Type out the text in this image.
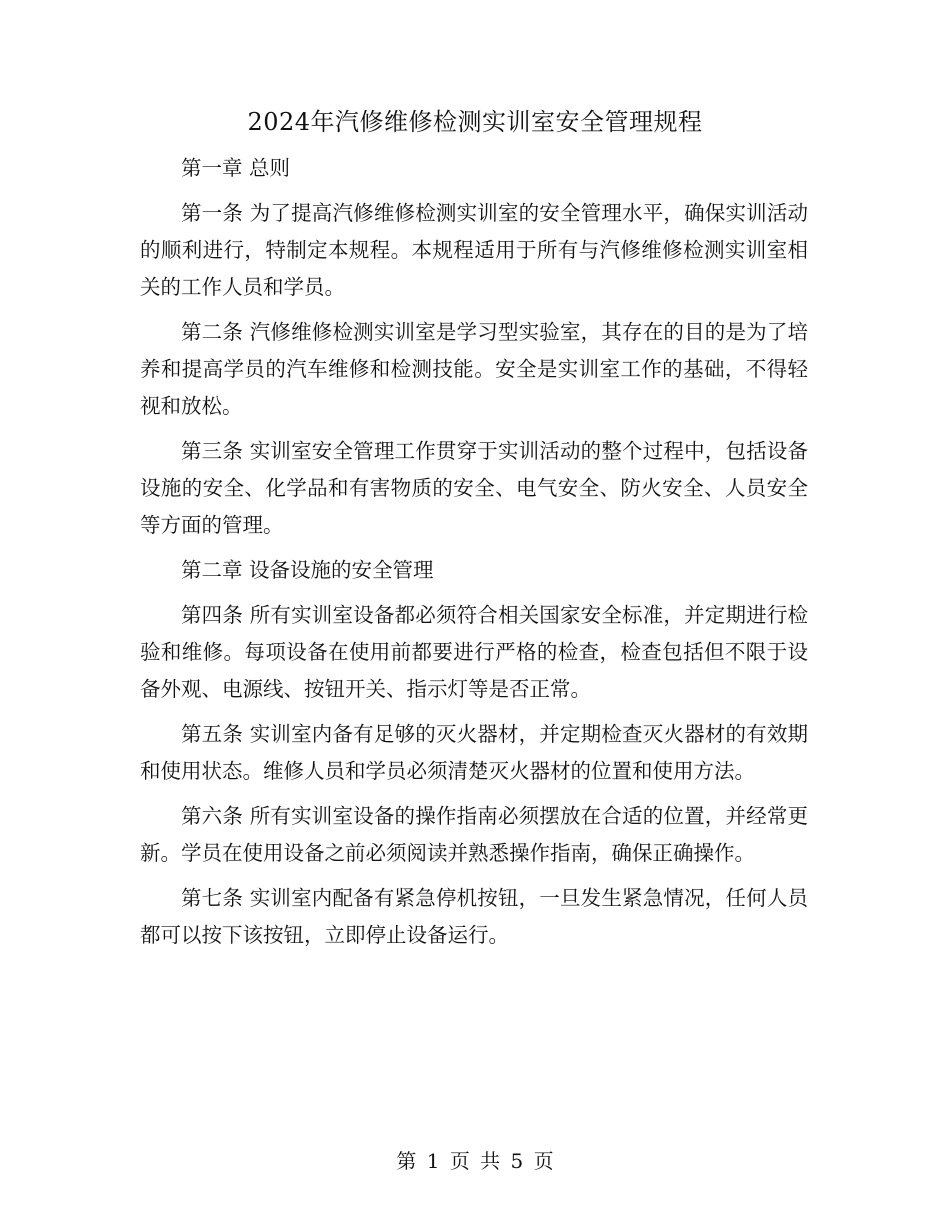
2024年汽修维修检测实训室安全管理规程

第一章 总则

第一条 为了提高汽修维修检测实训室的安全管理水平，确保实训活动的顺利进行，特制定本规程。本规程适用于所有与汽修维修检测实训室相关的工作人员和学员。

第二条 汽修维修检测实训室是学习型实验室，其存在的目的是为了培养和提高学员的汽车维修和检测技能。安全是实训室工作的基础，不得轻视和放松。

第三条 实训室安全管理工作贯穿于实训活动的整个过程中，包括设备设施的安全、化学品和有害物质的安全、电气安全、防火安全、人员安全等方面的管理。

第二章 设备设施的安全管理

第四条 所有实训室设备都必须符合相关国家安全标准，并定期进行检验和维修。每项设备在使用前都要进行严格的检查，检查包括但不限于设备外观、电源线、按钮开关、指示灯等是否正常。

第五条 实训室内备有足够的灭火器材，并定期检查灭火器材的有效期和使用状态。维修人员和学员必须清楚灭火器材的位置和使用方法。

第六条 所有实训室设备的操作指南必须摆放在合适的位置，并经常更新。学员在使用设备之前必须阅读并熟悉操作指南，确保正确操作。

第七条 实训室内配备有紧急停机按钮，一旦发生紧急情况，任何人员都可以按下该按钮，立即停止设备运行。

第 1 页 共 5 页
